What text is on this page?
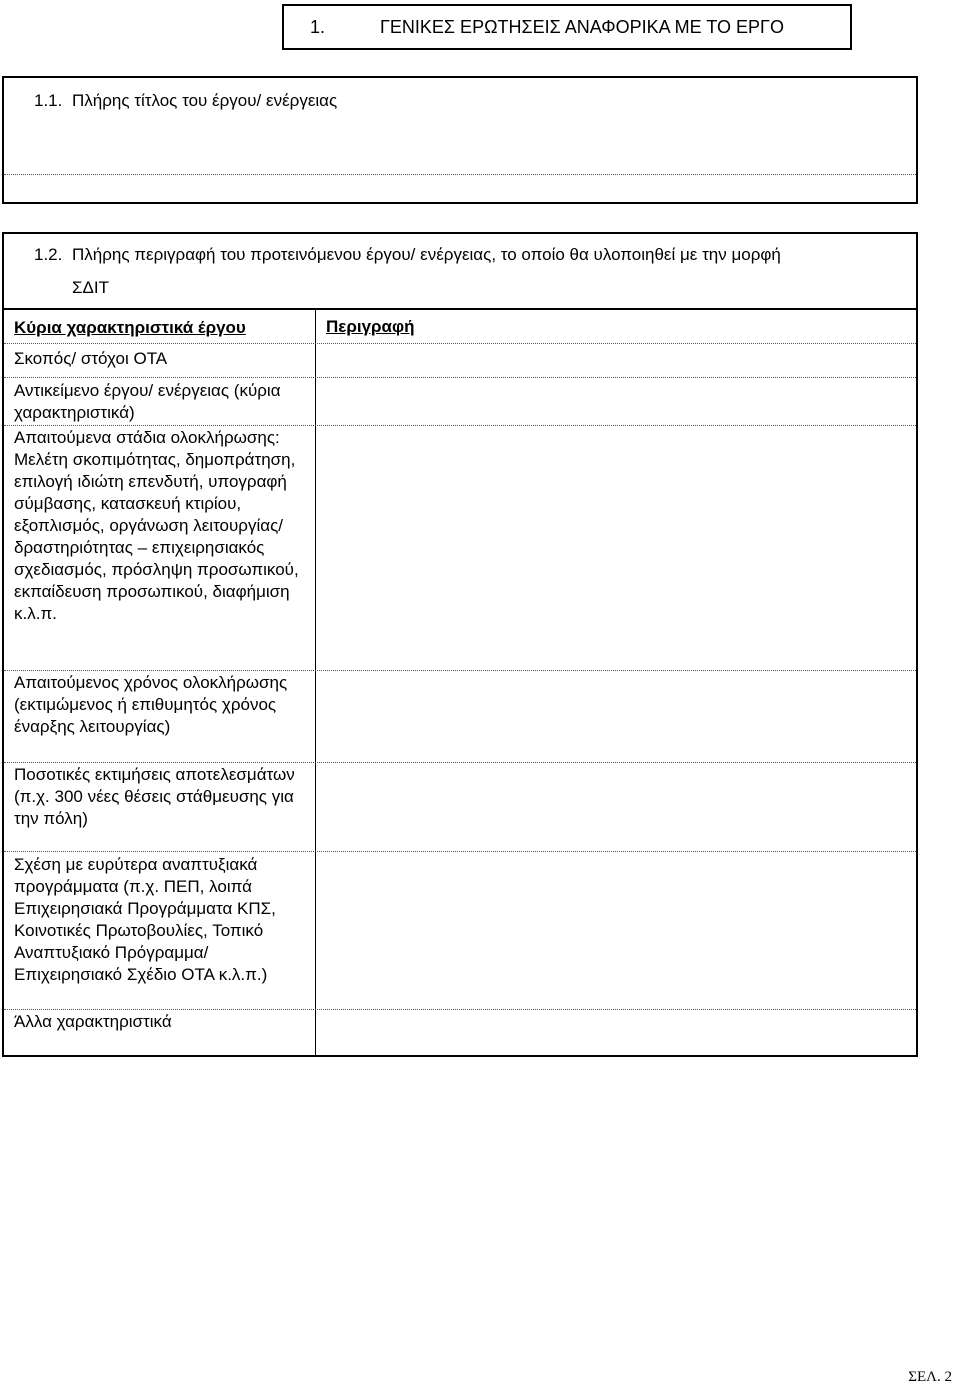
1.	ΓΕΝΙΚΕΣ ΕΡΩΤΗΣΕΙΣ ΑΝΑΦΟΡΙΚΑ ΜΕ ΤΟ ΕΡΓΟ
1.1. Πλήρης τίτλος του έργου/ ενέργειας
1.2. Πλήρης περιγραφή του προτεινόμενου έργου/ ενέργειας, το οποίο θα υλοποιηθεί με την μορφή
ΣΔΙΤ
Κύρια χαρακτηριστικά έργου	Περιγραφή
Σκοπός/ στόχοι ΟΤΑ
Αντικείμενο έργου/ ενέργειας (κύρια χαρακτηριστικά)
Απαιτούμενα στάδια ολοκλήρωσης: Μελέτη σκοπιμότητας, δημοπράτηση, επιλογή ιδιώτη επενδυτή, υπογραφή σύμβασης, κατασκευή κτιρίου, εξοπλισμός, οργάνωση λειτουργίας/ δραστηριότητας – επιχειρησιακός σχεδιασμός, πρόσληψη προσωπικού, εκπαίδευση προσωπικού, διαφήμιση κ.λ.π.
Απαιτούμενος χρόνος ολοκλήρωσης (εκτιμώμενος ή επιθυμητός χρόνος έναρξης λειτουργίας)
Ποσοτικές εκτιμήσεις αποτελεσμάτων (π.χ. 300 νέες θέσεις στάθμευσης για την πόλη)
Σχέση με ευρύτερα αναπτυξιακά προγράμματα (π.χ. ΠΕΠ, λοιπά Επιχειρησιακά Προγράμματα ΚΠΣ, Κοινοτικές Πρωτοβουλίες, Τοπικό Αναπτυξιακό Πρόγραμμα/ Επιχειρησιακό Σχέδιο ΟΤΑ κ.λ.π.)
Άλλα χαρακτηριστικά
ΣΕΛ. 2
